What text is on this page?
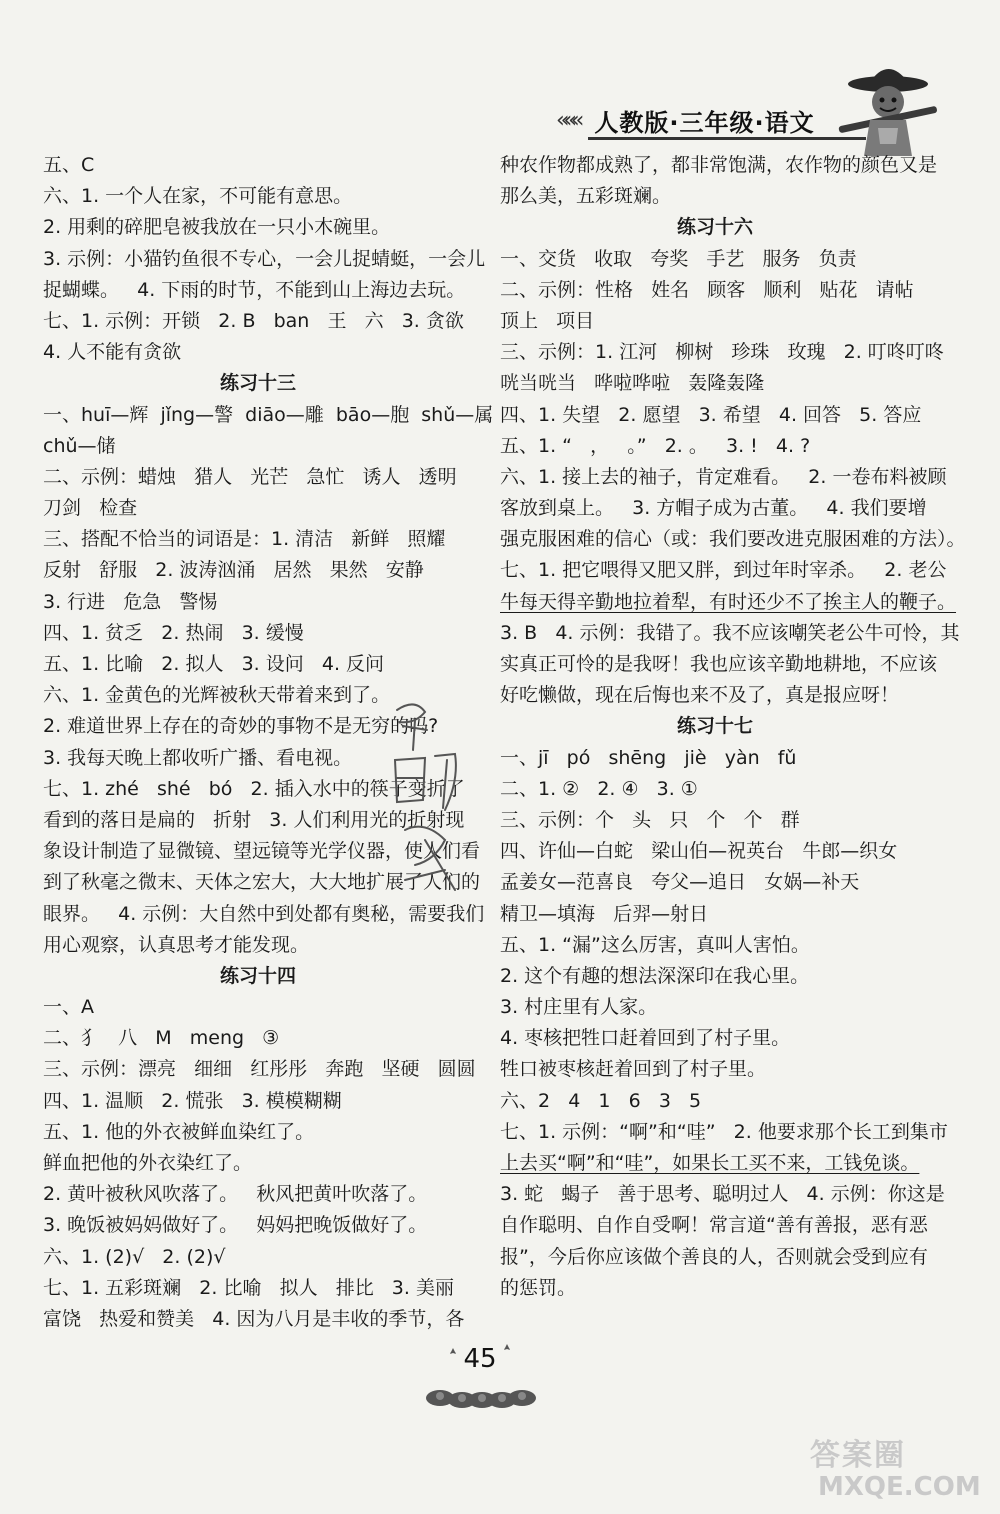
««« 人教版·三年级·语文
五、C
六、1. 一个人在家，不可能有意思。
2. 用剩的碎肥皂被我放在一只小木碗里。
3. 示例：小猫钓鱼很不专心，一会儿捉蜻蜓，一会儿
捉蝴蝶。   4. 下雨的时节，不能到山上海边去玩。
七、1. 示例：开锁   2. B   ban   王   六   3. 贪欲
4. 人不能有贪欲
练习十三
一、huī—辉  jǐng—警  diāo—雕  bāo—胞  shǔ—属
chǔ—储
二、示例：蜡烛   猎人   光芒   急忙   诱人   透明
刀剑   检查
三、搭配不恰当的词语是：1. 清洁   新鲜   照耀
反射   舒服   2. 波涛汹涌   居然   果然   安静
3. 行进   危急   警惕
四、1. 贫乏   2. 热闹   3. 缓慢
五、1. 比喻   2. 拟人   3. 设问   4. 反问
六、1. 金黄色的光辉被秋天带着来到了。
2. 难道世界上存在的奇妙的事物不是无穷的吗?
3. 我每天晚上都收听广播、看电视。
七、1. zhé   shé   bó   2. 插入水中的筷子变折了
看到的落日是扁的   折射   3. 人们利用光的折射现
象设计制造了显微镜、望远镜等光学仪器，使人们看
到了秋毫之微末、天体之宏大，大大地扩展了人们的
眼界。   4. 示例：大自然中到处都有奥秘，需要我们
用心观察，认真思考才能发现。
练习十四
一、A
二、犭   八   M   meng   ③
三、示例：漂亮   细细   红彤彤   奔跑   坚硬   圆圆
四、1. 温顺   2. 慌张   3. 模模糊糊
五、1. 他的外衣被鲜血染红了。
鲜血把他的外衣染红了。
2. 黄叶被秋风吹落了。   秋风把黄叶吹落了。
3. 晚饭被妈妈做好了。   妈妈把晚饭做好了。
六、1. (2)√   2. (2)√
七、1. 五彩斑斓   2. 比喻   拟人   排比   3. 美丽
富饶   热爱和赞美   4. 因为八月是丰收的季节，各
种农作物都成熟了，都非常饱满，农作物的颜色又是
那么美，五彩斑斓。
练习十六
一、交货   收取   夸奖   手艺   服务   负责
二、示例：性格   姓名   顾客   顺利   贴花   请帖
顶上   项目
三、示例：1. 江河   柳树   珍珠   玫瑰   2. 叮咚叮咚
咣当咣当   哗啦哗啦   轰隆轰隆
四、1. 失望   2. 愿望   3. 希望   4. 回答   5. 答应
五、1. “   ，   。”   2. 。   3. !   4. ?
六、1. 接上去的袖子，肯定难看。   2. 一卷布料被顾
客放到桌上。   3. 方帽子成为古董。   4. 我们要增
强克服困难的信心（或：我们要改进克服困难的方法）。
七、1. 把它喂得又肥又胖，到过年时宰杀。   2. 老公
牛每天得辛勤地拉着犁，有时还少不了挨主人的鞭子。
3. B   4. 示例：我错了。我不应该嘲笑老公牛可怜，其
实真正可怜的是我呀！我也应该辛勤地耕地，不应该
好吃懒做，现在后悔也来不及了，真是报应呀！
练习十七
一、jī   pó   shēng   jiè   yàn   fǔ
二、1. ②   2. ④   3. ①
三、示例：个   头   只   个   个   群
四、许仙—白蛇   梁山伯—祝英台   牛郎—织女
孟姜女—范喜良   夸父—追日   女娲—补天
精卫—填海   后羿—射日
五、1. “漏”这么厉害，真叫人害怕。
2. 这个有趣的想法深深印在我心里。
3. 村庄里有人家。
4. 枣核把牲口赶着回到了村子里。
牲口被枣核赶着回到了村子里。
六、2   4   1   6   3   5
七、1. 示例：“啊”和“哇”   2. 他要求那个长工到集市
上去买“啊”和“哇”，如果长工买不来，工钱免谈。
3. 蛇   蝎子   善于思考、聪明过人   4. 示例：你这是
自作聪明、自作自受啊！常言道“善有善报，恶有恶
报”，今后你应该做个善良的人，否则就会受到应有
的惩罚。
45
答案圈
MXQE.COM
